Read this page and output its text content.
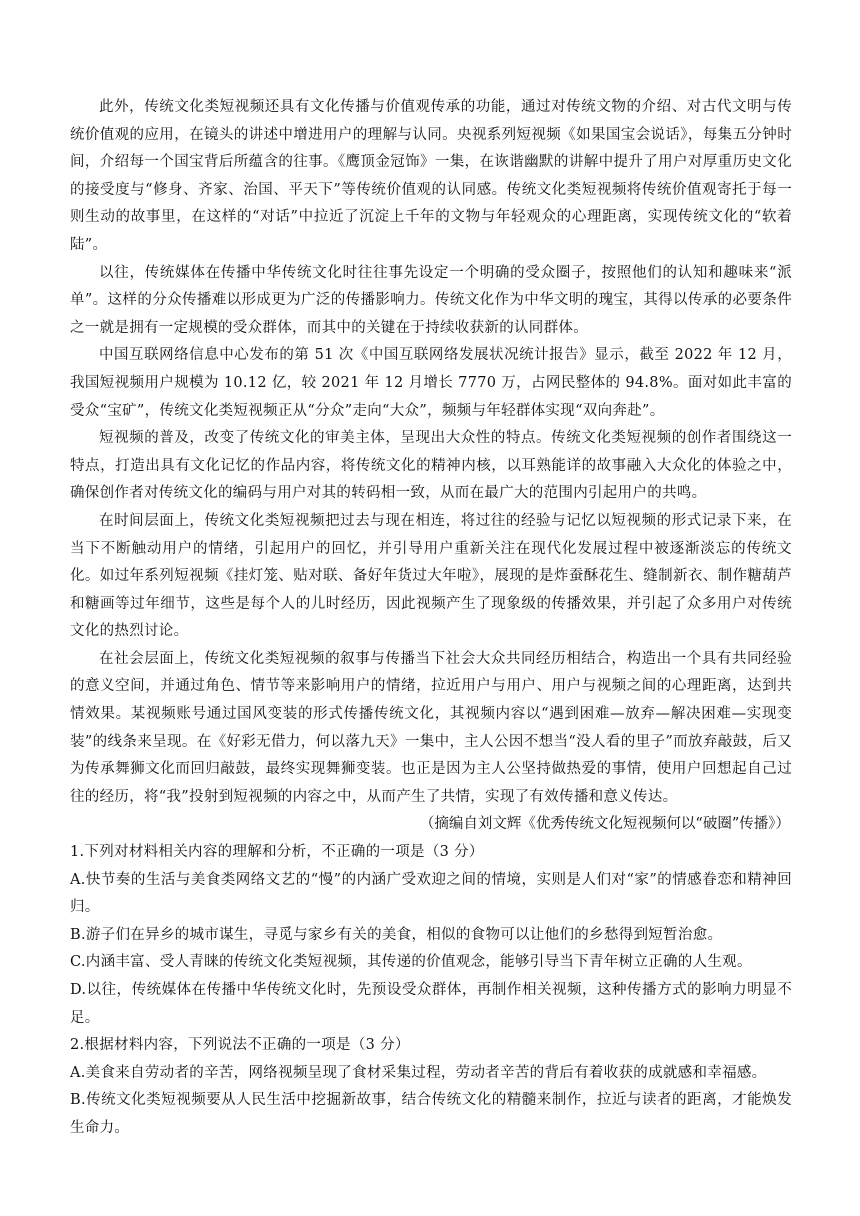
此外，传统文化类短视频还具有文化传播与价值观传承的功能，通过对传统文物的介绍、对古代文明与传统价值观的应用，在镜头的讲述中增进用户的理解与认同。央视系列短视频《如果国宝会说话》，每集五分钟时间，介绍每一个国宝背后所蕴含的往事。《鹰顶金冠饰》一集，在诙谐幽默的讲解中提升了用户对厚重历史文化的接受度与“修身、齐家、治国、平天下”等传统价值观的认同感。传统文化类短视频将传统价值观寄托于每一则生动的故事里，在这样的“对话”中拉近了沉淀上千年的文物与年轻观众的心理距离，实现传统文化的“软着陆”。

以往，传统媒体在传播中华传统文化时往往事先设定一个明确的受众圈子，按照他们的认知和趣味来“派单”。这样的分众传播难以形成更为广泛的传播影响力。传统文化作为中华文明的瑰宝，其得以传承的必要条件之一就是拥有一定规模的受众群体，而其中的关键在于持续收获新的认同群体。

中国互联网络信息中心发布的第 51 次《中国互联网络发展状况统计报告》显示，截至 2022 年 12 月，我国短视频用户规模为 10.12 亿，较 2021 年 12 月增长 7770 万，占网民整体的 94.8%。面对如此丰富的受众“宝矿”，传统文化类短视频正从“分众”走向“大众”，频频与年轻群体实现“双向奔赴”。

短视频的普及，改变了传统文化的审美主体，呈现出大众性的特点。传统文化类短视频的创作者围绕这一特点，打造出具有文化记忆的作品内容，将传统文化的精神内核，以耳熟能详的故事融入大众化的体验之中，确保创作者对传统文化的编码与用户对其的转码相一致，从而在最广大的范围内引起用户的共鸣。

在时间层面上，传统文化类短视频把过去与现在相连，将过往的经验与记忆以短视频的形式记录下来，在当下不断触动用户的情绪，引起用户的回忆，并引导用户重新关注在现代化发展过程中被逐渐淡忘的传统文化。如过年系列短视频《挂灯笼、贴对联、备好年货过大年啦》，展现的是炸蚕酥花生、缝制新衣、制作糖葫芦和糖画等过年细节，这些是每个人的儿时经历，因此视频产生了现象级的传播效果，并引起了众多用户对传统文化的热烈讨论。

在社会层面上，传统文化类短视频的叙事与传播当下社会大众共同经历相结合，构造出一个具有共同经验的意义空间，并通过角色、情节等来影响用户的情绪，拉近用户与用户、用户与视频之间的心理距离，达到共情效果。某视频账号通过国风变装的形式传播传统文化，其视频内容以“遇到困难—放弃—解决困难—实现变装”的线条来呈现。在《好彩无借力，何以落九天》一集中，主人公因不想当“没人看的里子”而放弃敲鼓，后又为传承舞狮文化而回归敲鼓，最终实现舞狮变装。也正是因为主人公坚持做热爱的事情，使用户回想起自己过往的经历，将“我”投射到短视频的内容之中，从而产生了共情，实现了有效传播和意义传达。

（摘编自刘文辉《优秀传统文化短视频何以“破圈”传播》）

1.下列对材料相关内容的理解和分析，不正确的一项是（3 分）

A.快节奏的生活与美食类网络文艺的“慢”的内涵广受欢迎之间的情境，实则是人们对“家”的情感眷恋和精神回归。

B.游子们在异乡的城市谋生，寻觅与家乡有关的美食，相似的食物可以让他们的乡愁得到短暂治愈。

C.内涵丰富、受人青睐的传统文化类短视频，其传递的价值观念，能够引导当下青年树立正确的人生观。

D.以往，传统媒体在传播中华传统文化时，先预设受众群体，再制作相关视频，这种传播方式的影响力明显不足。

2.根据材料内容，下列说法不正确的一项是（3 分）

A.美食来自劳动者的辛苦，网络视频呈现了食材采集过程，劳动者辛苦的背后有着收获的成就感和幸福感。

B.传统文化类短视频要从人民生活中挖掘新故事，结合传统文化的精髓来制作，拉近与读者的距离，才能焕发生命力。
